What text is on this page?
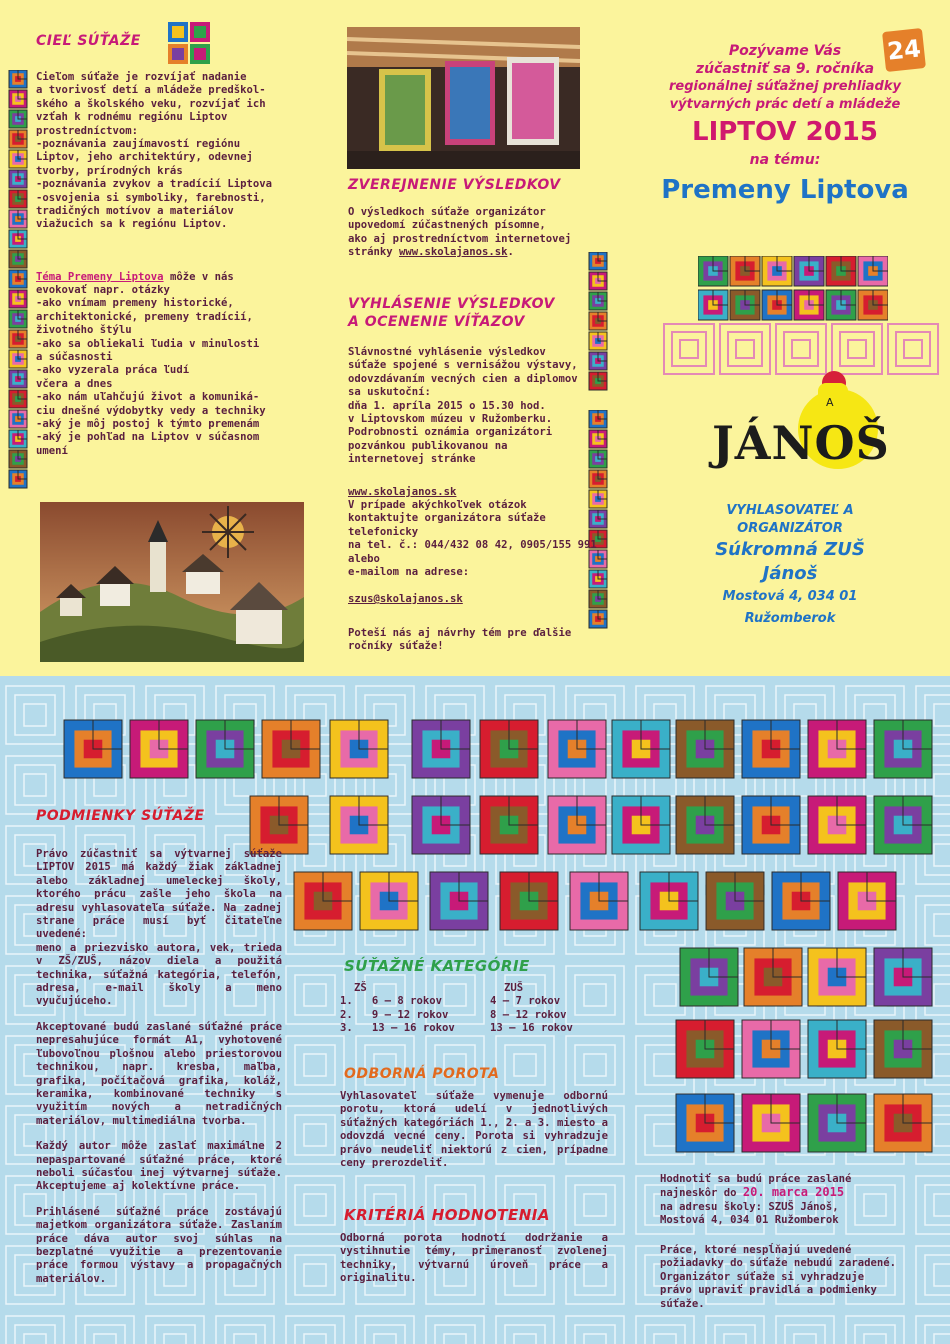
CIEĽ SÚŤAŽE
Cieľom súťaže je rozvíjať nadanie
a tvorivosť detí a mládeže predškol-
ského a školského veku, rozvíjať ich
vzťah k rodnému regiónu Liptov
prostredníctvom:
-poznávania zaujímavostí regiónu
Liptov, jeho architektúry, odevnej
tvorby, prírodných krás
-poznávania zvykov a tradícií Liptova
-osvojenia si symboliky, farebnosti,
tradičných motívov a materiálov
viažucich sa k regiónu Liptov.
Téma Premeny Liptova môže v nás
evokovať napr. otázky
-ako vnímam premeny historické,
architektonické, premeny tradícií,
životného štýlu
-ako sa obliekali ľudia v minulosti
a súčasnosti
-ako vyzerala práca ľudí
včera a dnes
-ako nám uľahčujú život a komuniká-
ciu dnešné výdobytky vedy a techniky
-aký je môj postoj k týmto premenám
-aký je pohľad na Liptov v súčasnom
umení
ZVEREJNENIE VÝSLEDKOV
O výsledkoch súťaže organizátor
upovedomí zúčastnených písomne,
ako aj prostredníctvom internetovej
stránky www.skolajanos.sk.
VYHLÁSENIE VÝSLEDKOV
A OCENENIE VÍŤAZOV
Slávnostné vyhlásenie výsledkov
súťaže spojené s vernisážou výstavy,
odovzdávaním vecných cien a diplomov
sa uskutoční:
dňa 1. apríla 2015 o 15.30 hod.
v Liptovskom múzeu v Ružomberku.
Podrobnosti oznámia organizátori
pozvánkou publikovanou na
internetovej stránke
www.skolajanos.sk
V prípade akýchkoľvek otázok
kontaktujte organizátora súťaže
telefonicky
na tel. č.: 044/432 08 42, 0905/155 991
alebo
e-mailom na adrese:
szus@skolajanos.sk
Poteší nás aj návrhy tém pre ďalšie
ročníky súťaže!
24
Pozývame Vás
zúčastniť sa 9. ročníka
regionálnej súťažnej prehliadky
výtvarných prác detí a mládeže
LIPTOV 2015
na tému:
Premeny Liptova
A
JÁNOŠ
VYHLASOVATEĽ A
ORGANIZÁTOR
Súkromná ZUŠ
Jánoš
Mostová 4, 034 01 Ružomberok
PODMIENKY SÚŤAŽE

Právo zúčastniť sa výtvarnej súťaže LIPTOV 2015 má každý žiak základnej alebo základnej umeleckej školy, ktorého prácu zašle jeho škola na adresu vyhlasovateľa súťaže. Na zadnej strane práce musí byť čitateľne uvedené:
meno a priezvisko autora, vek, trieda v ZŠ/ZUŠ, názov diela a použitá technika, súťažná kategória, telefón, adresa, e-mail školy a meno vyučujúceho.

Akceptované budú zaslané súťažné práce nepresahujúce formát A1, vyhotovené ľubovoľnou plošnou alebo priestorovou technikou, napr. kresba, maľba, grafika, počítačová grafika, koláž, keramika, kombinované techniky s využitím nových a netradičných materiálov, multimediálna tvorba.

Každý autor môže zaslať maximálne 2 nepaspartované súťažné práce, ktoré neboli súčasťou inej výtvarnej súťaže. Akceptujeme aj kolektívne práce.

Prihlásené súťažné práce zostávajú majetkom organizátora súťaže. Zaslaním práce dáva autor svoj súhlas na bezplatné využitie a prezentovanie práce formou výstavy a propagačných materiálov.

SÚŤAŽNÉ KATEGÓRIE
ZŠ	ZUŠ
1.   6 – 8 rokov	4 – 7 rokov
2.   9 – 12 rokov	8 – 12 rokov
3.   13 – 16 rokov	13 – 16 rokov
ODBORNÁ POROTA
Vyhlasovateľ súťaže vymenuje odbornú porotu, ktorá udelí v jednotlivých súťažných kategóriách 1., 2. a 3. miesto a odovzdá vecné ceny. Porota si vyhradzuje právo neudeliť niektorú z cien, prípadne ceny prerozdeliť.
KRITÉRIÁ HODNOTENIA
Odborná porota hodnotí dodržanie a vystihnutie témy, primeranosť zvolenej techniky, výtvarnú úroveň práce a originalitu.
Hodnotiť sa budú práce zaslané
najneskôr do 20. marca 2015
na adresu školy: SZUŠ Jánoš,
Mostová 4, 034 01 Ružomberok
Práce, ktoré nespĺňajú uvedené
požiadavky do súťaže nebudú zaradené.
Organizátor súťaže si vyhradzuje
právo upraviť pravidlá a podmienky
súťaže.
